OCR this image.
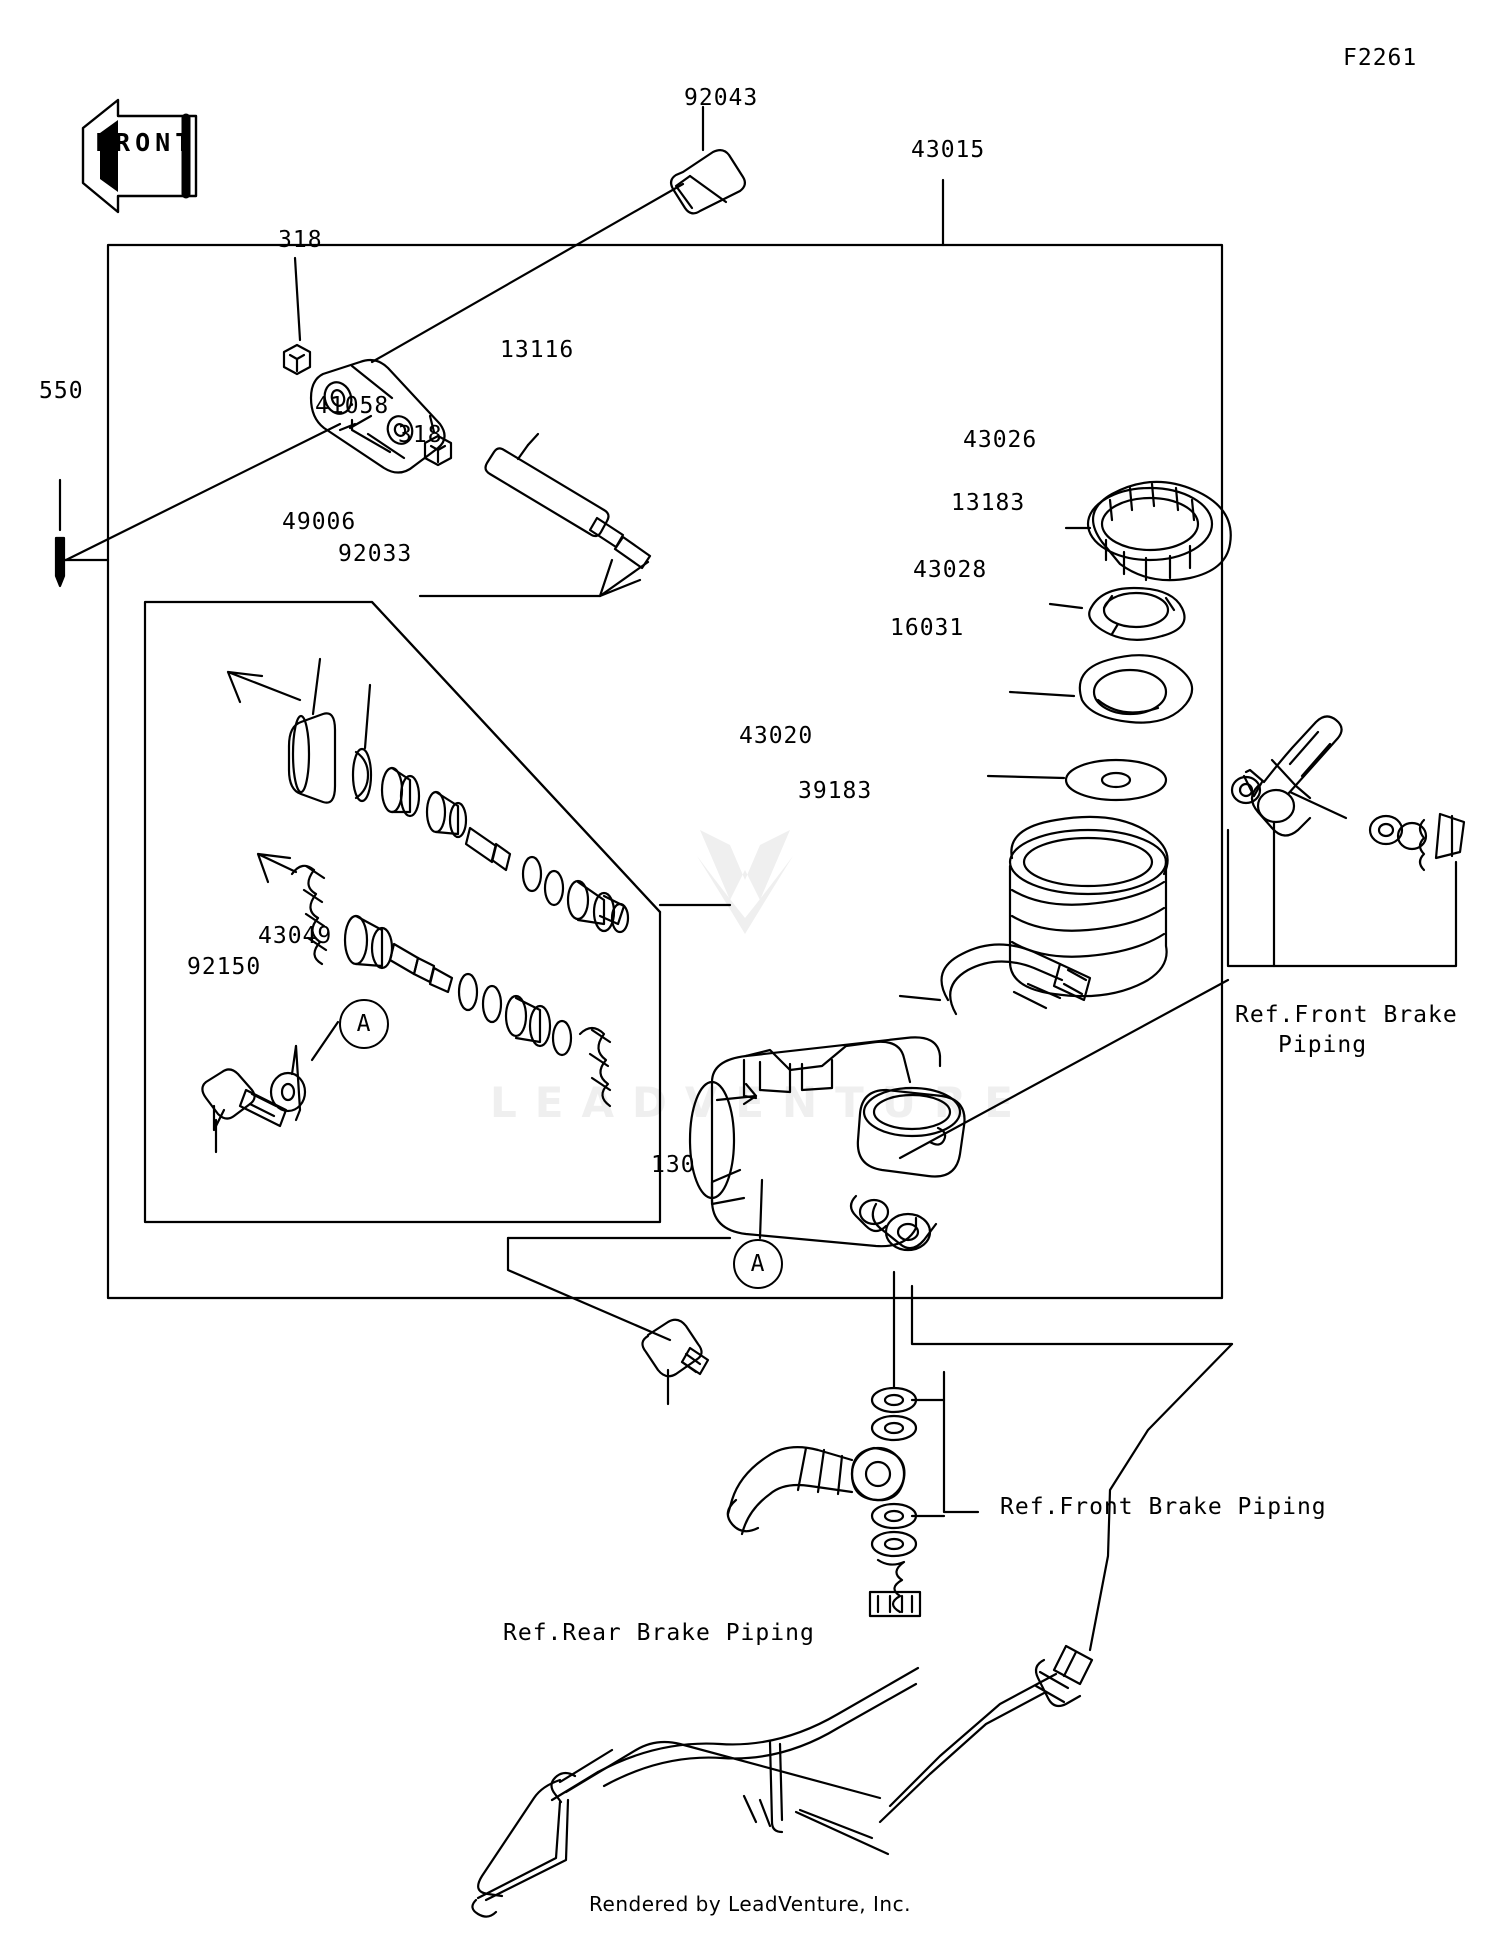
LEADVENTURE
F2261
FRONT
92043
43015
318
13116
41058
318
550
43026
13183
43028
16031
49006
92033
43020
39183
43049
92150
130
A
A
Ref.Front Brake
Piping
Ref.Front Brake Piping
Ref.Rear Brake Piping
Rendered by LeadVenture, Inc.
